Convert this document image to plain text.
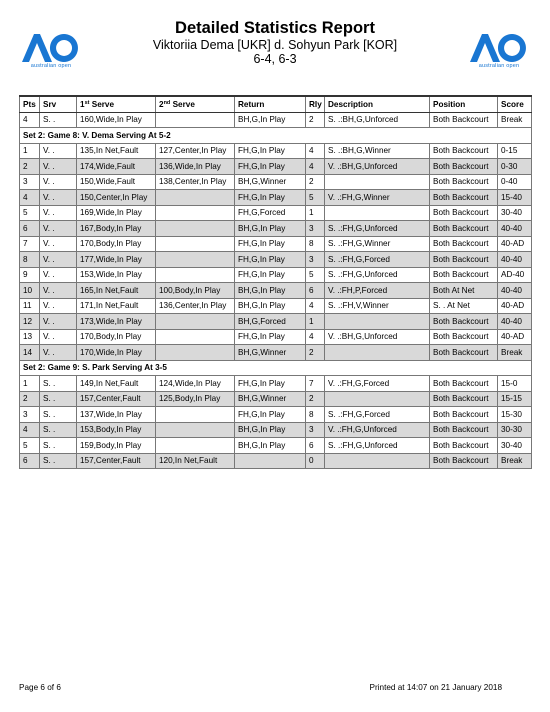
australian open	australian open
Detailed Statistics Report
Viktoriia Dema [UKR] d. Sohyun Park [KOR]
6-4, 6-3
Pts	Srv	1st Serve	2nd Serve	Return	Rly	Description	Position	Score
4	S. .	160,Wide,In Play		BH,G,In Play	2	S. .:BH,G,Unforced	Both Backcourt	Break
Set 2: Game 8: V. Dema Serving At 5-2								
1	V. .	135,In Net,Fault	127,Center,In Play	FH,G,In Play	4	S. .:BH,G,Winner	Both Backcourt	0-15
2	V. .	174,Wide,Fault	136,Wide,In Play	FH,G,In Play	4	V. .:BH,G,Unforced	Both Backcourt	0-30
3	V. .	150,Wide,Fault	138,Center,In Play	BH,G,Winner	2		Both Backcourt	0-40
4	V. .	150,Center,In Play		FH,G,In Play	5	V. .:FH,G,Winner	Both Backcourt	15-40
5	V. .	169,Wide,In Play		FH,G,Forced	1		Both Backcourt	30-40
6	V. .	167,Body,In Play		BH,G,In Play	3	S. .:FH,G,Unforced	Both Backcourt	40-40
7	V. .	170,Body,In Play		FH,G,In Play	8	S. .:FH,G,Winner	Both Backcourt	40-AD
8	V. .	177,Wide,In Play		FH,G,In Play	3	S. .:FH,G,Forced	Both Backcourt	40-40
9	V. .	153,Wide,In Play		FH,G,In Play	5	S. .:FH,G,Unforced	Both Backcourt	AD-40
10	V. .	165,In Net,Fault	100,Body,In Play	BH,G,In Play	6	V. .:FH,P,Forced	Both At Net	40-40
11	V. .	171,In Net,Fault	136,Center,In Play	BH,G,In Play	4	S. .:FH,V,Winner	S. . At Net	40-AD
12	V. .	173,Wide,In Play		BH,G,Forced	1		Both Backcourt	40-40
13	V. .	170,Body,In Play		FH,G,In Play	4	V. .:BH,G,Unforced	Both Backcourt	40-AD
14	V. .	170,Wide,In Play		BH,G,Winner	2		Both Backcourt	Break
Set 2: Game 9: S. Park Serving At 3-5								
1	S. .	149,In Net,Fault	124,Wide,In Play	FH,G,In Play	7	V. .:FH,G,Forced	Both Backcourt	15-0
2	S. .	157,Center,Fault	125,Body,In Play	BH,G,Winner	2		Both Backcourt	15-15
3	S. .	137,Wide,In Play		FH,G,In Play	8	S. .:FH,G,Forced	Both Backcourt	15-30
4	S. .	153,Body,In Play		BH,G,In Play	3	V. .:FH,G,Unforced	Both Backcourt	30-30
5	S. .	159,Body,In Play		BH,G,In Play	6	S. .:FH,G,Unforced	Both Backcourt	30-40
6	S. .	157,Center,Fault	120,In Net,Fault		0		Both Backcourt	Break
Page 6 of 6	Printed at 14:07 on 21 January 2018
